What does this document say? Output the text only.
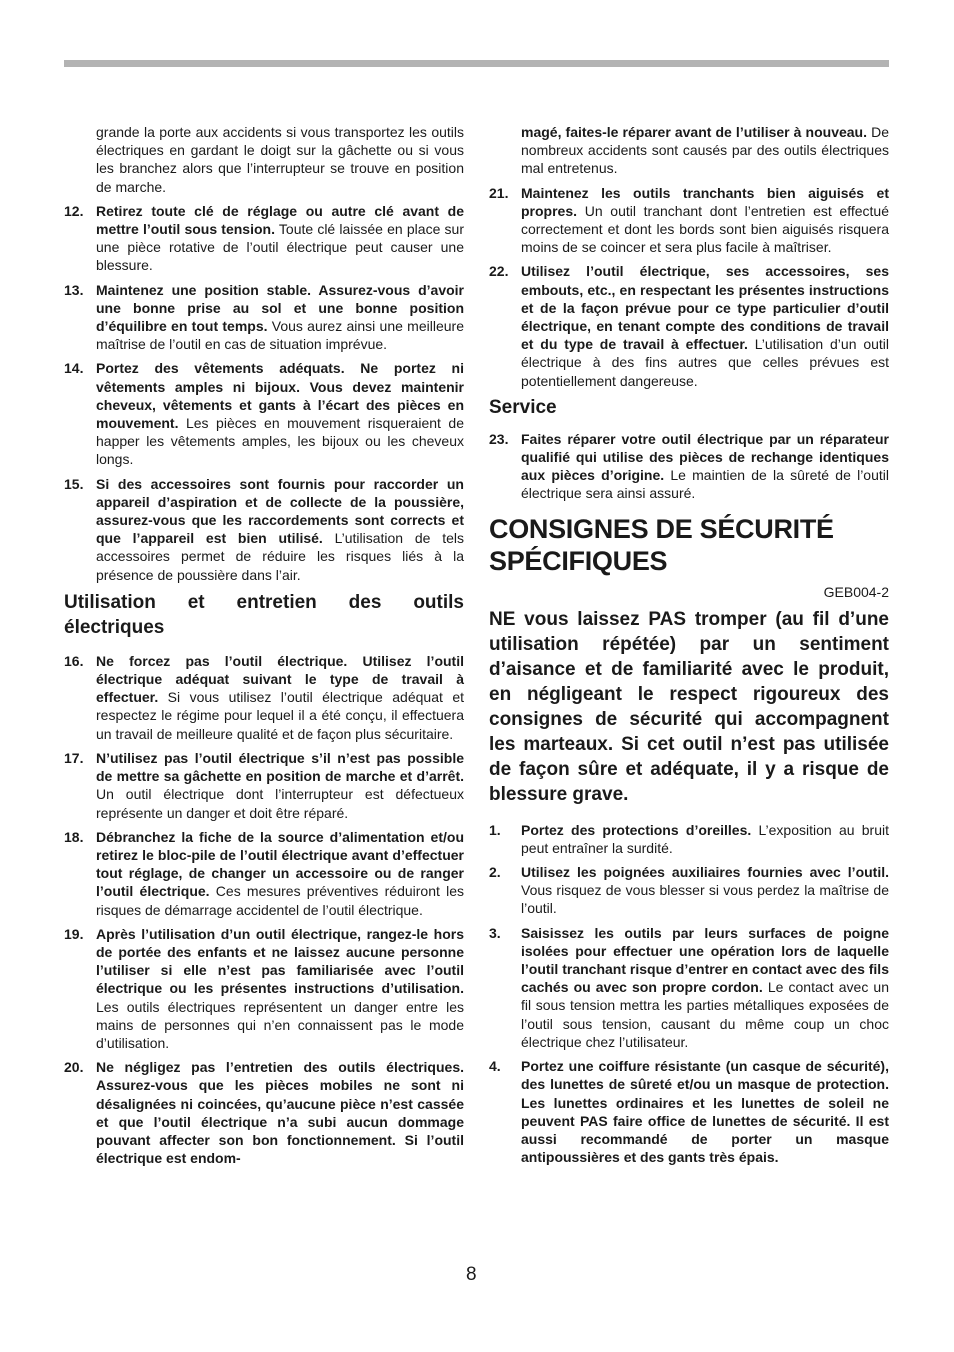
grande la porte aux accidents si vous transportez les outils électriques en gardant le doigt sur la gâchette ou si vous les branchez alors que l’interrupteur se trouve en position de marche.

12. Retirez toute clé de réglage ou autre clé avant de mettre l’outil sous tension. Toute clé laissée en place sur une pièce rotative de l’outil électrique peut causer une blessure.
13. Maintenez une position stable. Assurez-vous d’avoir une bonne prise au sol et une bonne position d’équilibre en tout temps. Vous aurez ainsi une meilleure maîtrise de l’outil en cas de situation imprévue.
14. Portez des vêtements adéquats. Ne portez ni vêtements amples ni bijoux. Vous devez maintenir cheveux, vêtements et gants à l’écart des pièces en mouvement. Les pièces en mouvement risqueraient de happer les vêtements amples, les bijoux ou les cheveux longs.
15. Si des accessoires sont fournis pour raccorder un appareil d’aspiration et de collecte de la poussière, assurez-vous que les raccordements sont corrects et que l’appareil est bien utilisé. L’utilisation de tels accessoires permet de réduire les risques liés à la présence de poussière dans l’air.
Utilisation et entretien des outils
électriques
16. Ne forcez pas l’outil électrique. Utilisez l’outil électrique adéquat suivant le type de travail à effectuer. Si vous utilisez l’outil électrique adéquat et respectez le régime pour lequel il a été conçu, il effectuera un travail de meilleure qualité et de façon plus sécuritaire.
17. N’utilisez pas l’outil électrique s’il n’est pas possible de mettre sa gâchette en position de marche et d’arrêt. Un outil électrique dont l’interrupteur est défectueux représente un danger et doit être réparé.
18. Débranchez la fiche de la source d’alimentation et/ou retirez le bloc-pile de l’outil électrique avant d’effectuer tout réglage, de changer un accessoire ou de ranger l’outil électrique. Ces mesures préventives réduiront les risques de démarrage accidentel de l’outil électrique.
19. Après l’utilisation d’un outil électrique, rangez-le hors de portée des enfants et ne laissez aucune personne l’utiliser si elle n’est pas familiarisée avec l’outil électrique ou les présentes instructions d’utilisation. Les outils électriques représentent un danger entre les mains de personnes qui n’en connaissent pas le mode d’utilisation.
20. Ne négligez pas l’entretien des outils électriques. Assurez-vous que les pièces mobiles ne sont ni désalignées ni coincées, qu’aucune pièce n’est cassée et que l’outil électrique n’a subi aucun dommage pouvant affecter son bon fonctionnement. Si l’outil électrique est endom-

magé, faites-le réparer avant de l’utiliser à nouveau. De nombreux accidents sont causés par des outils électriques mal entretenus.

21. Maintenez les outils tranchants bien aiguisés et propres. Un outil tranchant dont l’entretien est effectué correctement et dont les bords sont bien aiguisés risquera moins de se coincer et sera plus facile à maîtriser.
22. Utilisez l’outil électrique, ses accessoires, ses embouts, etc., en respectant les présentes instructions et de la façon prévue pour ce type particulier d’outil électrique, en tenant compte des conditions de travail et du type de travail à effectuer. L’utilisation d’un outil électrique à des fins autres que celles prévues est potentiellement dangereuse.
Service
23. Faites réparer votre outil électrique par un réparateur qualifié qui utilise des pièces de rechange identiques aux pièces d’origine. Le maintien de la sûreté de l’outil électrique sera ainsi assuré.
CONSIGNES DE SÉCURITÉ SPÉCIFIQUES
GEB004-2
NE vous laissez PAS tromper (au fil d’une utilisation répétée) par un sentiment d’aisance et de familiarité avec le produit, en négligeant le respect rigoureux des consignes de sécurité qui accompagnent les marteaux. Si cet outil n’est pas utilisée de façon sûre et adéquate, il y a risque de blessure grave.
1.	Portez des protections d’oreilles. L’exposition au bruit peut entraîner la surdité.
2.	Utilisez les poignées auxiliaires fournies avec l’outil. Vous risquez de vous blesser si vous perdez la maîtrise de l’outil.
3.	Saisissez les outils par leurs surfaces de poigne isolées pour effectuer une opération lors de laquelle l’outil tranchant risque d’entrer en contact avec des fils cachés ou avec son propre cordon. Le contact avec un fil sous tension mettra les parties métalliques exposées de l’outil sous tension, causant du même coup un choc électrique chez l’utilisateur.
4.	Portez une coiffure résistante (un casque de sécurité), des lunettes de sûreté et/ou un masque de protection. Les lunettes ordinaires et les lunettes de soleil ne peuvent PAS faire office de lunettes de sécurité. Il est aussi recommandé de porter un masque antipoussières et des gants très épais.
8
